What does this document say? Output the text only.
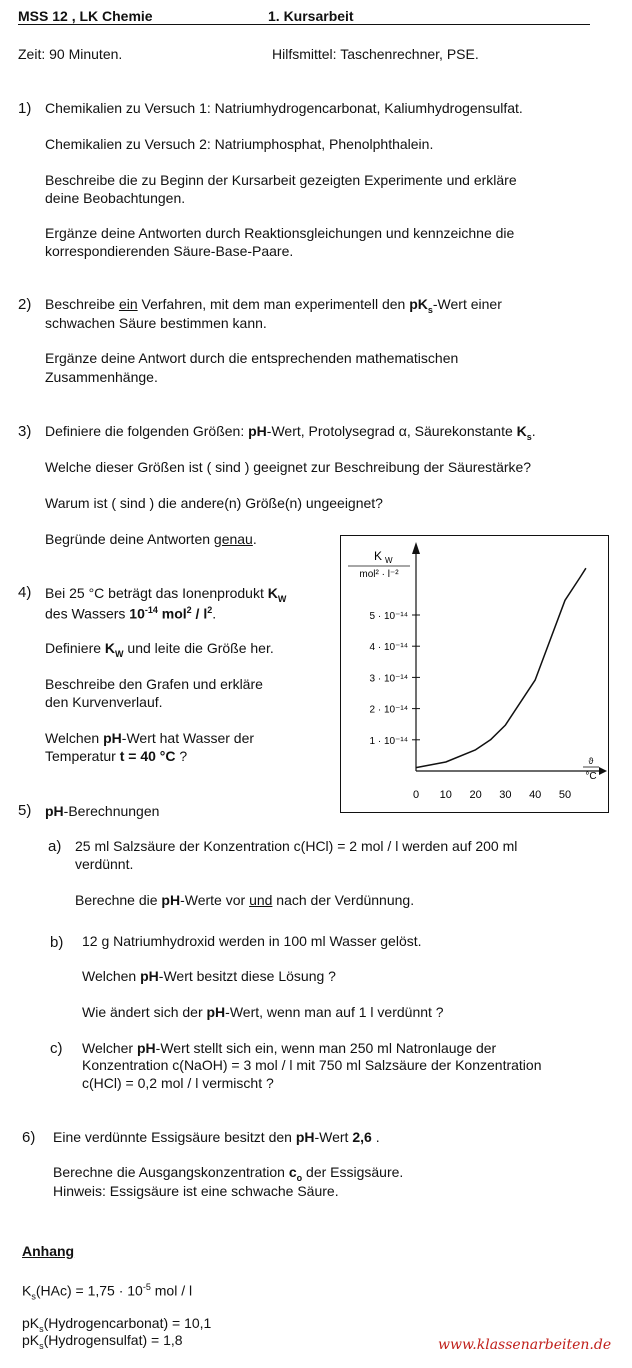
MSS 12 , LK Chemie	1. Kursarbeit
Zeit: 90 Minuten.	Hilfsmittel: Taschenrechner, PSE.
1) Chemikalien zu Versuch 1: Natriumhydrogencarbonat, Kaliumhydrogensulfat.
Chemikalien zu Versuch 2: Natriumphosphat, Phenolphthalein.
Beschreibe die zu Beginn der Kursarbeit gezeigten Experimente und erkläre
deine Beobachtungen.
Ergänze deine Antworten durch Reaktionsgleichungen und kennzeichne die
korrespondierenden Säure-Base-Paare.
2) Beschreibe ein Verfahren, mit dem man experimentell den $pK_s$-Wert einer
schwachen Säure bestimmen kann.
Ergänze deine Antwort durch die entsprechenden mathematischen
Zusammenhänge.
3) Definiere die folgenden Größen: pH-Wert, Protolysegrad α, Säurekonstante $K_s$.
Welche dieser Größen ist ( sind ) geeignet zur Beschreibung der Säurestärke?
Warum ist ( sind ) die andere(n) Größe(n) ungeeignet?
Begründe deine Antworten genau.
4) Bei 25 °C beträgt das Ionenprodukt $K_W$
des Wassers $10^{-14}$ $mol^2 / l^2$.
Definiere $K_W$ und leite die Größe her.
Beschreibe den Grafen und erkläre
den Kurvenverlauf.
Welchen pH-Wert hat Wasser der
Temperatur t = 40 °C ?
K W
mol² · l⁻²
ϑ
°C
0 10 20 30 40 50
1 · 10⁻¹⁴
2 · 10⁻¹⁴
3 · 10⁻¹⁴
4 · 10⁻¹⁴
5 · 10⁻¹⁴
5) pH-Berechnungen
a) 25 ml Salzsäure der Konzentration c(HCl) = 2 mol / l werden auf 200 ml
verdünnt.
Berechne die pH-Werte vor und nach der Verdünnung.
b) 12 g Natriumhydroxid werden in 100 ml Wasser gelöst.
Welchen pH-Wert besitzt diese Lösung ?
Wie ändert sich der pH-Wert, wenn man auf 1 l verdünnt ?
c) Welcher pH-Wert stellt sich ein, wenn man 250 ml Natronlauge der
Konzentration c(NaOH) = 3 mol / l mit 750 ml Salzsäure der Konzentration
c(HCl) = 0,2 mol / l vermischt ?
6) Eine verdünnte Essigsäure besitzt den pH-Wert 2,6 .
Berechne die Ausgangskonzentration $c_o$ der Essigsäure.
Hinweis: Essigsäure ist eine schwache Säure.
Anhang
$K_s(HAc) = 1,75 \cdot 10^{-5}$ mol / l
$pK_s(Hydrogencarbonat) = 10,1$
$pK_s(Hydrogensulfat) = 1,8$	www.klassenarbeiten.de
